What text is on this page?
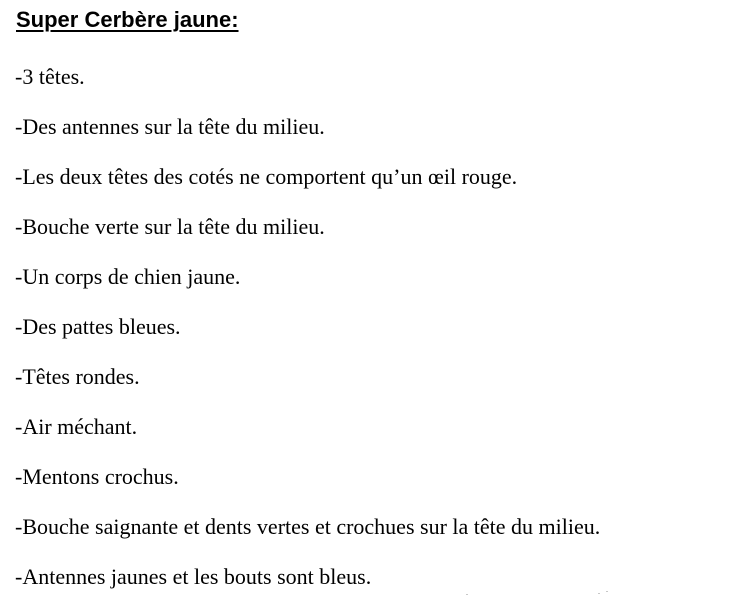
Super Cerbère jaune:
-3 têtes.
-Des antennes sur la tête du milieu.
-Les deux têtes des cotés ne comportent qu’un œil rouge.
-Bouche verte sur la tête du milieu.
-Un corps de chien jaune.
-Des pattes bleues.
-Têtes rondes.
-Air méchant.
-Mentons crochus.
-Bouche saignante et dents vertes et crochues sur la tête du milieu.
-Antennes jaunes et les bouts sont bleus.
